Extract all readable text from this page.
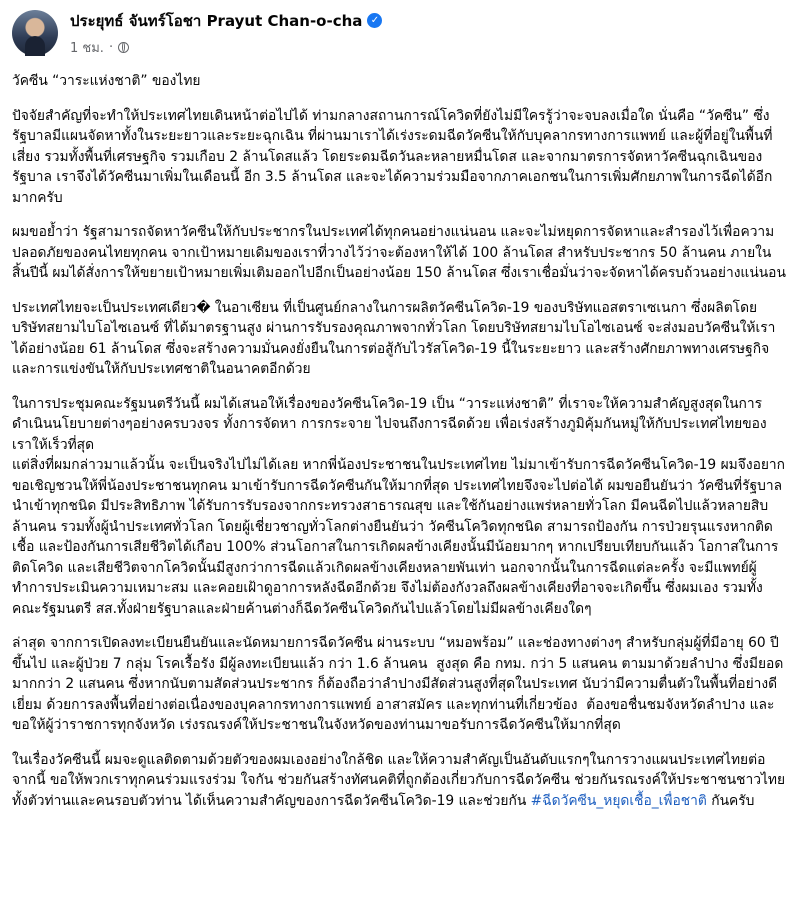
ประยุทธ์ จันทร์โอชา Prayut Chan-o-cha ✓
1 ชม. ·

วัคซีน “วาระแห่งชาติ” ของไทย

ปัจจัยสำคัญที่จะทำให้ประเทศไทยเดินหน้าต่อไปได้ ท่ามกลางสถานการณ์โควิดที่ยังไม่มีใครรู้ว่าจะจบลงเมื่อใด นั่นคือ “วัคซีน” ซึ่งรัฐบาลมีแผนจัดหาทั้งในระยะยาวและระยะฉุกเฉิน ที่ผ่านมาเราได้เร่งระดมฉีดวัคซีนให้กับบุคลากรทางการแพทย์ และผู้ที่อยู่ในพื้นที่เสี่ยง รวมทั้งพื้นที่เศรษฐกิจ รวมเกือบ 2 ล้านโดสแล้ว โดยระดมฉีดวันละหลายหมื่นโดส และจากมาตรการจัดหาวัคซีนฉุกเฉินของรัฐบาล เราจึงได้วัคซีนมาเพิ่มในเดือนนี้ อีก 3.5 ล้านโดส และจะได้ความร่วมมือจากภาคเอกชนในการเพิ่มศักยภาพในการฉีดได้อีกมากครับ

ผมขอย้ำว่า รัฐสามารถจัดหาวัคซีนให้กับประชากรในประเทศได้ทุกคนอย่างแน่นอน และจะไม่หยุดการจัดหาและสำรองไว้เพื่อความปลอดภัยของคนไทยทุกคน จากเป้าหมายเดิมของเราที่วางไว้ว่าจะต้องหาให้ได้ 100 ล้านโดส สำหรับประชากร 50 ล้านคน ภายในสิ้นปีนี้ ผมได้สั่งการให้ขยายเป้าหมายเพิ่มเติมออกไปอีกเป็นอย่างน้อย 150 ล้านโดส ซึ่งเราเชื่อมั่นว่าจะจัดหาได้ครบถ้วนอย่างแน่นอน

ประเทศไทยจะเป็นประเทศเดียว� ในอาเซียน ที่เป็นศูนย์กลางในการผลิตวัคซีนโควิด-19 ของบริษัทแอสตราเซเนกา ซึ่งผลิตโดยบริษัทสยามไบโอไซเอนซ์ ที่ได้มาตรฐานสูง ผ่านการรับรองคุณภาพจากทั่วโลก โดยบริษัทสยามไบโอไซเอนซ์ จะส่งมอบวัคซีนให้เราได้อย่างน้อย 61 ล้านโดส ซึ่งจะสร้างความมั่นคงยั่งยืนในการต่อสู้กับไวรัสโควิด-19 นี้ในระยะยาว และสร้างศักยภาพทางเศรษฐกิจและการแข่งขันให้กับประเทศชาติในอนาคตอีกด้วย

ในการประชุมคณะรัฐมนตรีวันนี้ ผมได้เสนอให้เรื่องของวัคซีนโควิด-19 เป็น “วาระแห่งชาติ” ที่เราจะให้ความสำคัญสูงสุดในการดำเนินนโยบายต่างๆอย่างครบวงจร ทั้งการจัดหา การกระจาย ไปจนถึงการฉีดด้วย เพื่อเร่งสร้างภูมิคุ้มกันหมู่ให้กับประเทศไทยของเราให้เร็วที่สุด

แต่สิ่งที่ผมกล่าวมาแล้วนั้น จะเป็นจริงไปไม่ได้เลย หากพี่น้องประชาชนในประเทศไทย ไม่มาเข้ารับการฉีดวัคซีนโควิด-19 ผมจึงอยากขอเชิญชวนให้พี่น้องประชาชนทุกคน มาเข้ารับการฉีดวัคซีนกันให้มากที่สุด ประเทศไทยจึงจะไปต่อได้ ผมขอยืนยันว่า วัคซีนที่รัฐบาลนำเข้าทุกชนิด มีประสิทธิภาพ ได้รับการรับรองจากกระทรวงสาธารณสุข และใช้กันอย่างแพร่หลายทั่วโลก มีคนฉีดไปแล้วหลายสิบล้านคน รวมทั้งผู้นำประเทศทั่วโลก โดยผู้เชี่ยวชาญทั่วโลกต่างยืนยันว่า วัคซีนโควิดทุกชนิด สามารถป้องกัน การป่วยรุนแรงหากติดเชื้อ และป้องกันการเสียชีวิตได้เกือบ 100% ส่วนโอกาสในการเกิดผลข้างเคียงนั้นมีน้อยมากๆ หากเปรียบเทียบกันแล้ว โอกาสในการติดโควิด และเสียชีวิตจากโควิดนั้นมีสูงกว่าการฉีดแล้วเกิดผลข้างเคียงหลายพันเท่า นอกจากนั้นในการฉีดแต่ละครั้ง จะมีแพทย์ผู้ทำการประเมินความเหมาะสม และคอยเฝ้าดูอาการหลังฉีดอีกด้วย จึงไม่ต้องกังวลถึงผลข้างเคียงที่อาจจะเกิดขึ้น ซึ่งผมเอง รวมทั้งคณะรัฐมนตรี สส.ทั้งฝ่ายรัฐบาลและฝ่ายค้านต่างก็ฉีดวัคซีนโควิดกันไปแล้วโดยไม่มีผลข้างเคียงใดๆ

ล่าสุด จากการเปิดลงทะเบียนยืนยันและนัดหมายการฉีดวัคซีน ผ่านระบบ “หมอพร้อม” และช่องทางต่างๆ สำหรับกลุ่มผู้ที่มีอายุ 60 ปีขึ้นไป และผู้ป่วย 7 กลุ่ม โรคเรื้อรัง มีผู้ลงทะเบียนแล้ว กว่า 1.6 ล้านคน  สูงสุด คือ กทม. กว่า 5 แสนคน ตามมาด้วยลำปาง ซึ่งมียอดมากกว่า 2 แสนคน ซึ่งหากนับตามสัดส่วนประชากร ก็ต้องถือว่าลำปางมีสัดส่วนสูงที่สุดในประเทศ นับว่ามีความตื่นตัวในพื้นที่อย่างดีเยี่ยม ด้วยการลงพื้นที่อย่างต่อเนื่องของบุคลากรทางการแพทย์ อาสาสมัคร และทุกท่านที่เกี่ยวข้อง  ต้องขอชื่นชมจังหวัดลำปาง และขอให้ผู้ว่าราชการทุกจังหวัด เร่งรณรงค์ให้ประชาชนในจังหวัดของท่านมาขอรับการฉีดวัคซีนให้มากที่สุด

ในเรื่องวัคซีนนี้ ผมจะดูแลติดตามด้วยตัวของผมเองอย่างใกล้ชิด และให้ความสำคัญเป็นอันดับแรกๆในการวางแผนประเทศไทยต่อจากนี้ ขอให้พวกเราทุกคนร่วมแรงร่วม ใจกัน ช่วยกันสร้างทัศนคติที่ถูกต้องเกี่ยวกับการฉีดวัคซีน ช่วยกันรณรงค์ให้ประชาชนชาวไทย ทั้งตัวท่านและคนรอบตัวท่าน ได้เห็นความสำคัญของการฉีดวัคซีนโควิด-19 และช่วยกัน #ฉีดวัคซีน_หยุดเชื้อ_เพื่อชาติ กันครับ
